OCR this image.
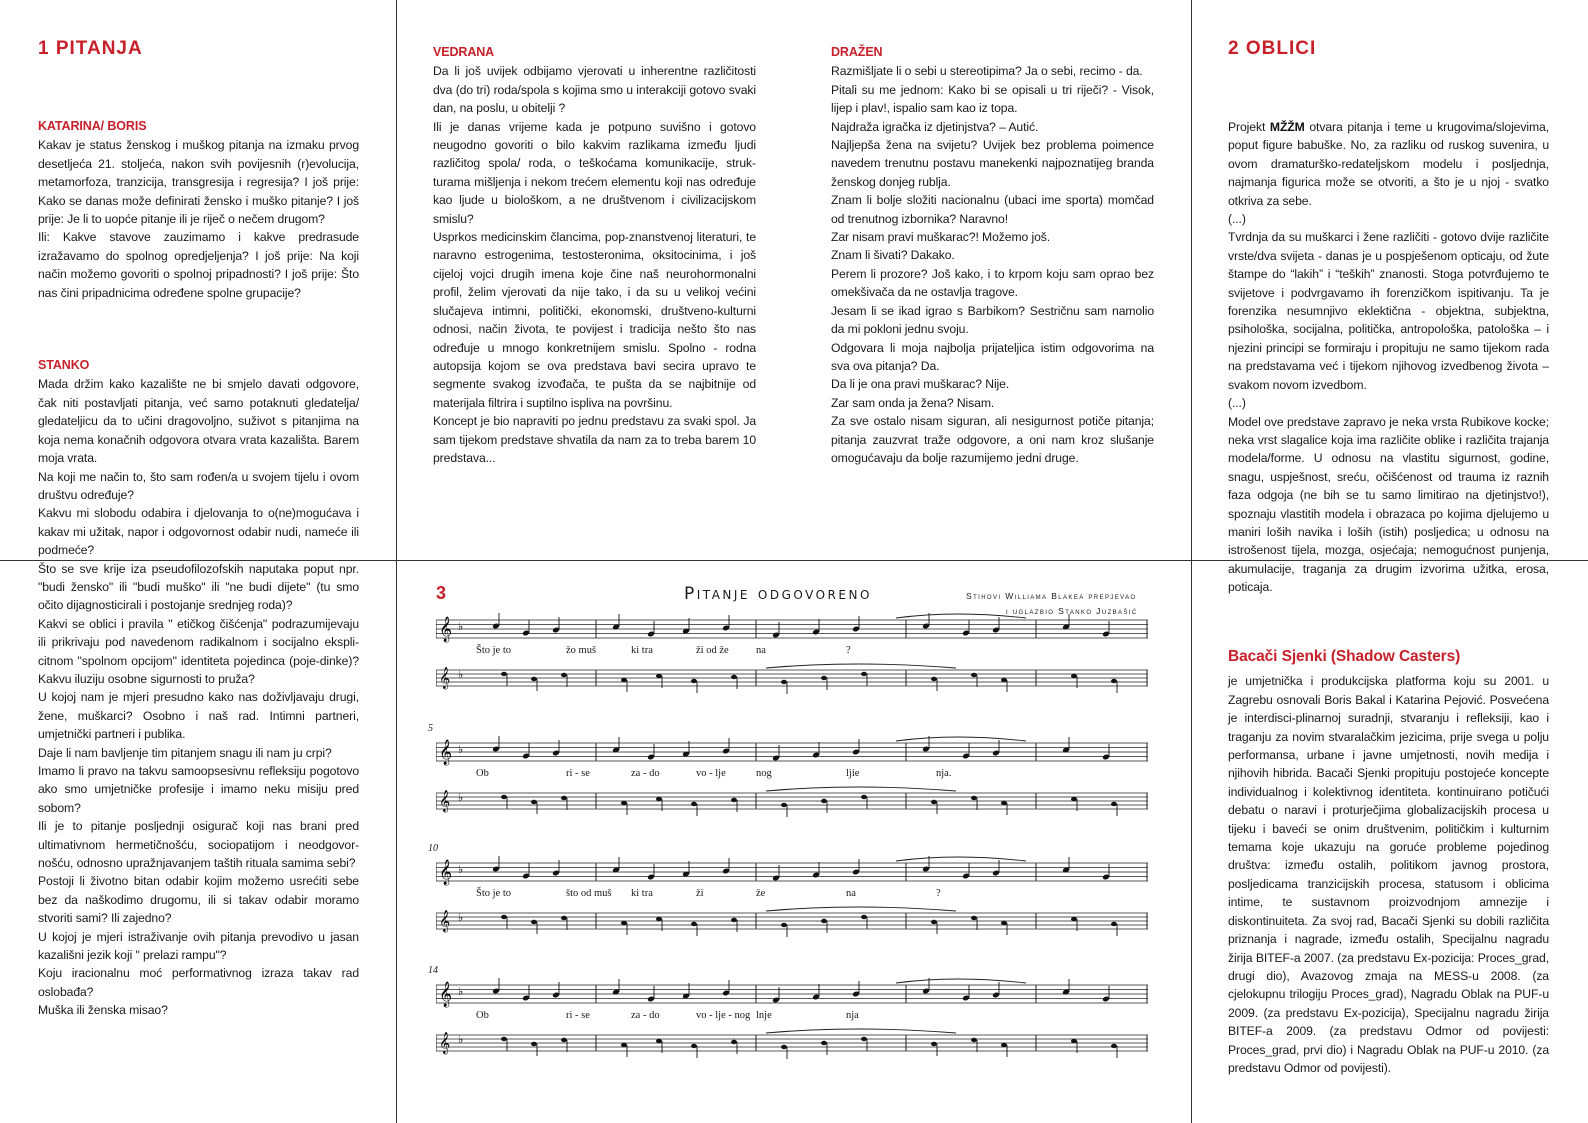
1 PITANJA
KATARINA/ BORIS

Kakav je status ženskog i muškog pitanja na izmaku prvog desetljeća 21. stoljeća, nakon svih povijesnih (r)evolucija, metamorfoza, tranzicija, transgresija i regresija? I još prije: Kako se danas može definirati žensko i muško pitanje? I još prije: Je li to uopće pitanje ili je riječ o nečem drugom?

Ili: Kakve stavove zauzimamo i kakve predrasude izražavamo do spolnog opredjeljenja? I još prije: Na koji način možemo govoriti o spolnoj pripadnosti? I još prije: Što nas čini pripadnicima određene spolne grupacije?

STANKO

Mada držim kako kazalište ne bi smjelo davati odgovore, čak niti postavljati pitanja, već samo potaknuti gledatelja/ gledateljicu da to učini dragovoljno, suživot s pitanjima na koja nema konačnih odgovora otvara vrata kazališta. Barem moja vrata.

Na koji me način to, što sam rođen/a u svojem tijelu i ovom društvu određuje?

Kakvu mi slobodu odabira i djelovanja to o(ne)mogućava i kakav mi užitak, napor i odgovornost odabir nudi, nameće ili podmeće?

Što se sve krije iza pseudofilozofskih naputaka poput npr. "budi žensko" ili "budi muško" ili "ne budi dijete" (tu smo očito dijagnosticirali i postojanje srednjeg roda)?

Kakvi se oblici i pravila " etičkog čišćenja" podrazumijevaju ili prikrivaju pod navedenom radikalnom i socijalno ekspli-citnom "spolnom opcijom" identiteta pojedinca (poje-dinke)? Kakvu iluziju osobne sigurnosti to pruža?

U kojoj nam je mjeri presudno kako nas doživljavaju drugi, žene, muškarci? Osobno i naš rad. Intimni partneri, umjetnički partneri i publika.

Daje li nam bavljenje tim pitanjem snagu ili nam ju crpi?

Imamo li pravo na takvu samoopsesivnu refleksiju pogotovo ako smo umjetničke profesije i imamo neku misiju pred sobom?

Ili je to pitanje posljednji osigurač koji nas brani pred ultimativnom hermetičnošću, sociopatijom i neodgovor-nošću, odnosno upražnjavanjem taštih rituala samima sebi?

Postoji li životno bitan odabir kojim možemo usrećiti sebe bez da naškodimo drugomu, ili si takav odabir moramo stvoriti sami? Ili zajedno?

U kojoj je mjeri istraživanje ovih pitanja prevodivo u jasan kazališni jezik koji " prelazi rampu"?

Koju iracionalnu moć performativnog izraza takav rad oslobađa?

Muška ili ženska misao?

VEDRANA

Da li još uvijek odbijamo vjerovati u inherentne različitosti dva (do tri) roda/spola s kojima smo u interakciji gotovo svaki dan, na poslu, u obitelji ?

Ili je danas vrijeme kada je potpuno suvišno i gotovo neugodno govoriti o bilo kakvim razlikama između ljudi različitog spola/ roda, o teškoćama komunikacije, struk-turama mišljenja i nekom trećem elementu koji nas određuje kao ljude u biološkom, a ne društvenom i civilizacijskom smislu?

Usprkos medicinskim člancima, pop-znanstvenoj literaturi, te naravno estrogenima, testosteronima, oksitocinima, i još cijeloj vojci drugih imena koje čine naš neurohormonalni profil, želim vjerovati da nije tako, i da su u velikoj većini slučajeva intimni, politički, ekonomski, društveno-kulturni odnosi, način života, te povijest i tradicija nešto što nas određuje u mnogo konkretnijem smislu. Spolno - rodna autopsija kojom se ova predstava bavi secira upravo te segmente svakog izvođača, te pušta da se najbitnije od materijala filtrira i suptilno ispliva na površinu.

Koncept je bio napraviti po jednu predstavu za svaki spol. Ja sam tijekom predstave shvatila da nam za to treba barem 10 predstava...

DRAŽEN

Razmišljate li o sebi u stereotipima? Ja o sebi, recimo - da.

Pitali su me jednom: Kako bi se opisali u tri riječi? - Visok, lijep i plav!, ispalio sam kao iz topa.

Najdraža igračka iz djetinjstva? – Autić.

Najljepša žena na svijetu? Uvijek bez problema poimence navedem trenutnu postavu manekenki najpoznatijeg branda ženskog donjeg rublja.

Znam li bolje složiti nacionalnu (ubaci ime sporta) momčad od trenutnog izbornika? Naravno!

Zar nisam pravi muškarac?! Možemo još.

Znam li šivati? Dakako.

Perem li prozore? Još kako, i to krpom koju sam oprao bez omekšivača da ne ostavlja tragove.

Jesam li se ikad igrao s Barbikom? Sestričnu sam namolio da mi pokloni jednu svoju.

Odgovara li moja najbolja prijateljica istim odgovorima na sva ova pitanja? Da.

Da li je ona pravi muškarac? Nije.

Zar sam onda ja žena? Nisam.

Za sve ostalo nisam siguran, ali nesigurnost potiče pitanja; pitanja zauzvrat traže odgovore, a oni nam kroz slušanje omogućavaju da bolje razumijemo jedni druge.

2 OBLICI

Projekt MŽŽM otvara pitanja i teme u krugovima/slojevima, poput figure babuške. No, za razliku od ruskog suvenira, u ovom dramaturško-redateljskom modelu i posljednja, najmanja figurica može se otvoriti, a što je u njoj - svatko otkriva za sebe.

(...)

Tvrdnja da su muškarci i žene različiti - gotovo dvije različite vrste/dva svijeta - danas je u pospješenom opticaju, od žute štampe do “lakih” i “teških” znanosti. Stoga potvrđujemo te svijetove i podvrgavamo ih forenzičkom ispitivanju. Ta je forenzika nesumnjivo eklektična - objektna, subjektna, psihološka, socijalna, politička, antropološka, patološka – i njezini principi se formiraju i propituju ne samo tijekom rada na predstavama već i tijekom njihovog izvedbenog života – svakom novom izvedbom.

(...)

Model ove predstave zapravo je neka vrsta Rubikove kocke; neka vrst slagalice koja ima različite oblike i različita trajanja modela/forme. U odnosu na vlastitu sigurnost, godine, snagu, uspješnost, sreću, očišćenost od trauma iz raznih faza odgoja (ne bih se tu samo limitirao na djetinjstvo!), spoznaju vlastitih modela i obrazaca po kojima djelujemo u maniri loših navika i loših (istih) posljedica; u odnosu na istrošenost tijela, mozga, osjećaja; nemogućnost punjenja, akumulacije, traganja za drugim izvorima užitka, erosa, poticaja.

Bacači Sjenki (Shadow Casters)

je umjetnička i produkcijska platforma koju su 2001. u Zagrebu osnovali Boris Bakal i Katarina Pejović. Posvećena je interdisci-plinarnoj suradnji, stvaranju i refleksiji, kao i traganju za novim stvaralačkim jezicima, prije svega u polju performansa, urbane i javne umjetnosti, novih medija i njihovih hibrida. Bacači Sjenki propituju postojeće koncepte individualnog i kolektivnog identiteta. kontinuirano potičući debatu o naravi i proturječjima globalizacijskih procesa u tijeku i baveći se onim društvenim, političkim i kulturnim temama koje ukazuju na goruće probleme pojedinog društva: između ostalih, politikom javnog prostora, posljedicama tranzicijskih procesa, statusom i oblicima intime, te sustavnom proizvodnjom amnezije i diskontinuiteta. Za svoj rad, Bacači Sjenki su dobili različita priznanja i nagrade, između ostalih, Specijalnu nagradu žirija BITEF-a 2007. (za predstavu Ex-pozicija: Proces_grad, drugi dio), Avazovog zmaja na MESS-u 2008. (za cjelokupnu trilogiju Proces_grad), Nagradu Oblak na PUF-u 2009. (za predstavu Ex-pozicija), Specijalnu nagradu žirija BITEF-a 2009. (za predstavu Odmor od povijesti: Proces_grad, prvi dio) i Nagradu Oblak na PUF-u 2010. (za predstavu Odmor od povijesti).

3	Pitanje odgovoreno	Stihovi Williama Blakea prepjevao
i uglazbio Stanko Juzbašić
𝄞
𝄞
♭
♭
Što je to	žo muš	ki tra	ži od že	na	?
𝄞
𝄞
♭
♭
Ob	ri - se	za - do	vo - lje	nog	ljie	nja.
5
𝄞
𝄞
♭
♭
Što je to	što od muš ki tra	ži	že	na	?
10
𝄞
𝄞
♭
♭
Ob	ri - se	za - do	vo - lje - nog lnje	nja
14
